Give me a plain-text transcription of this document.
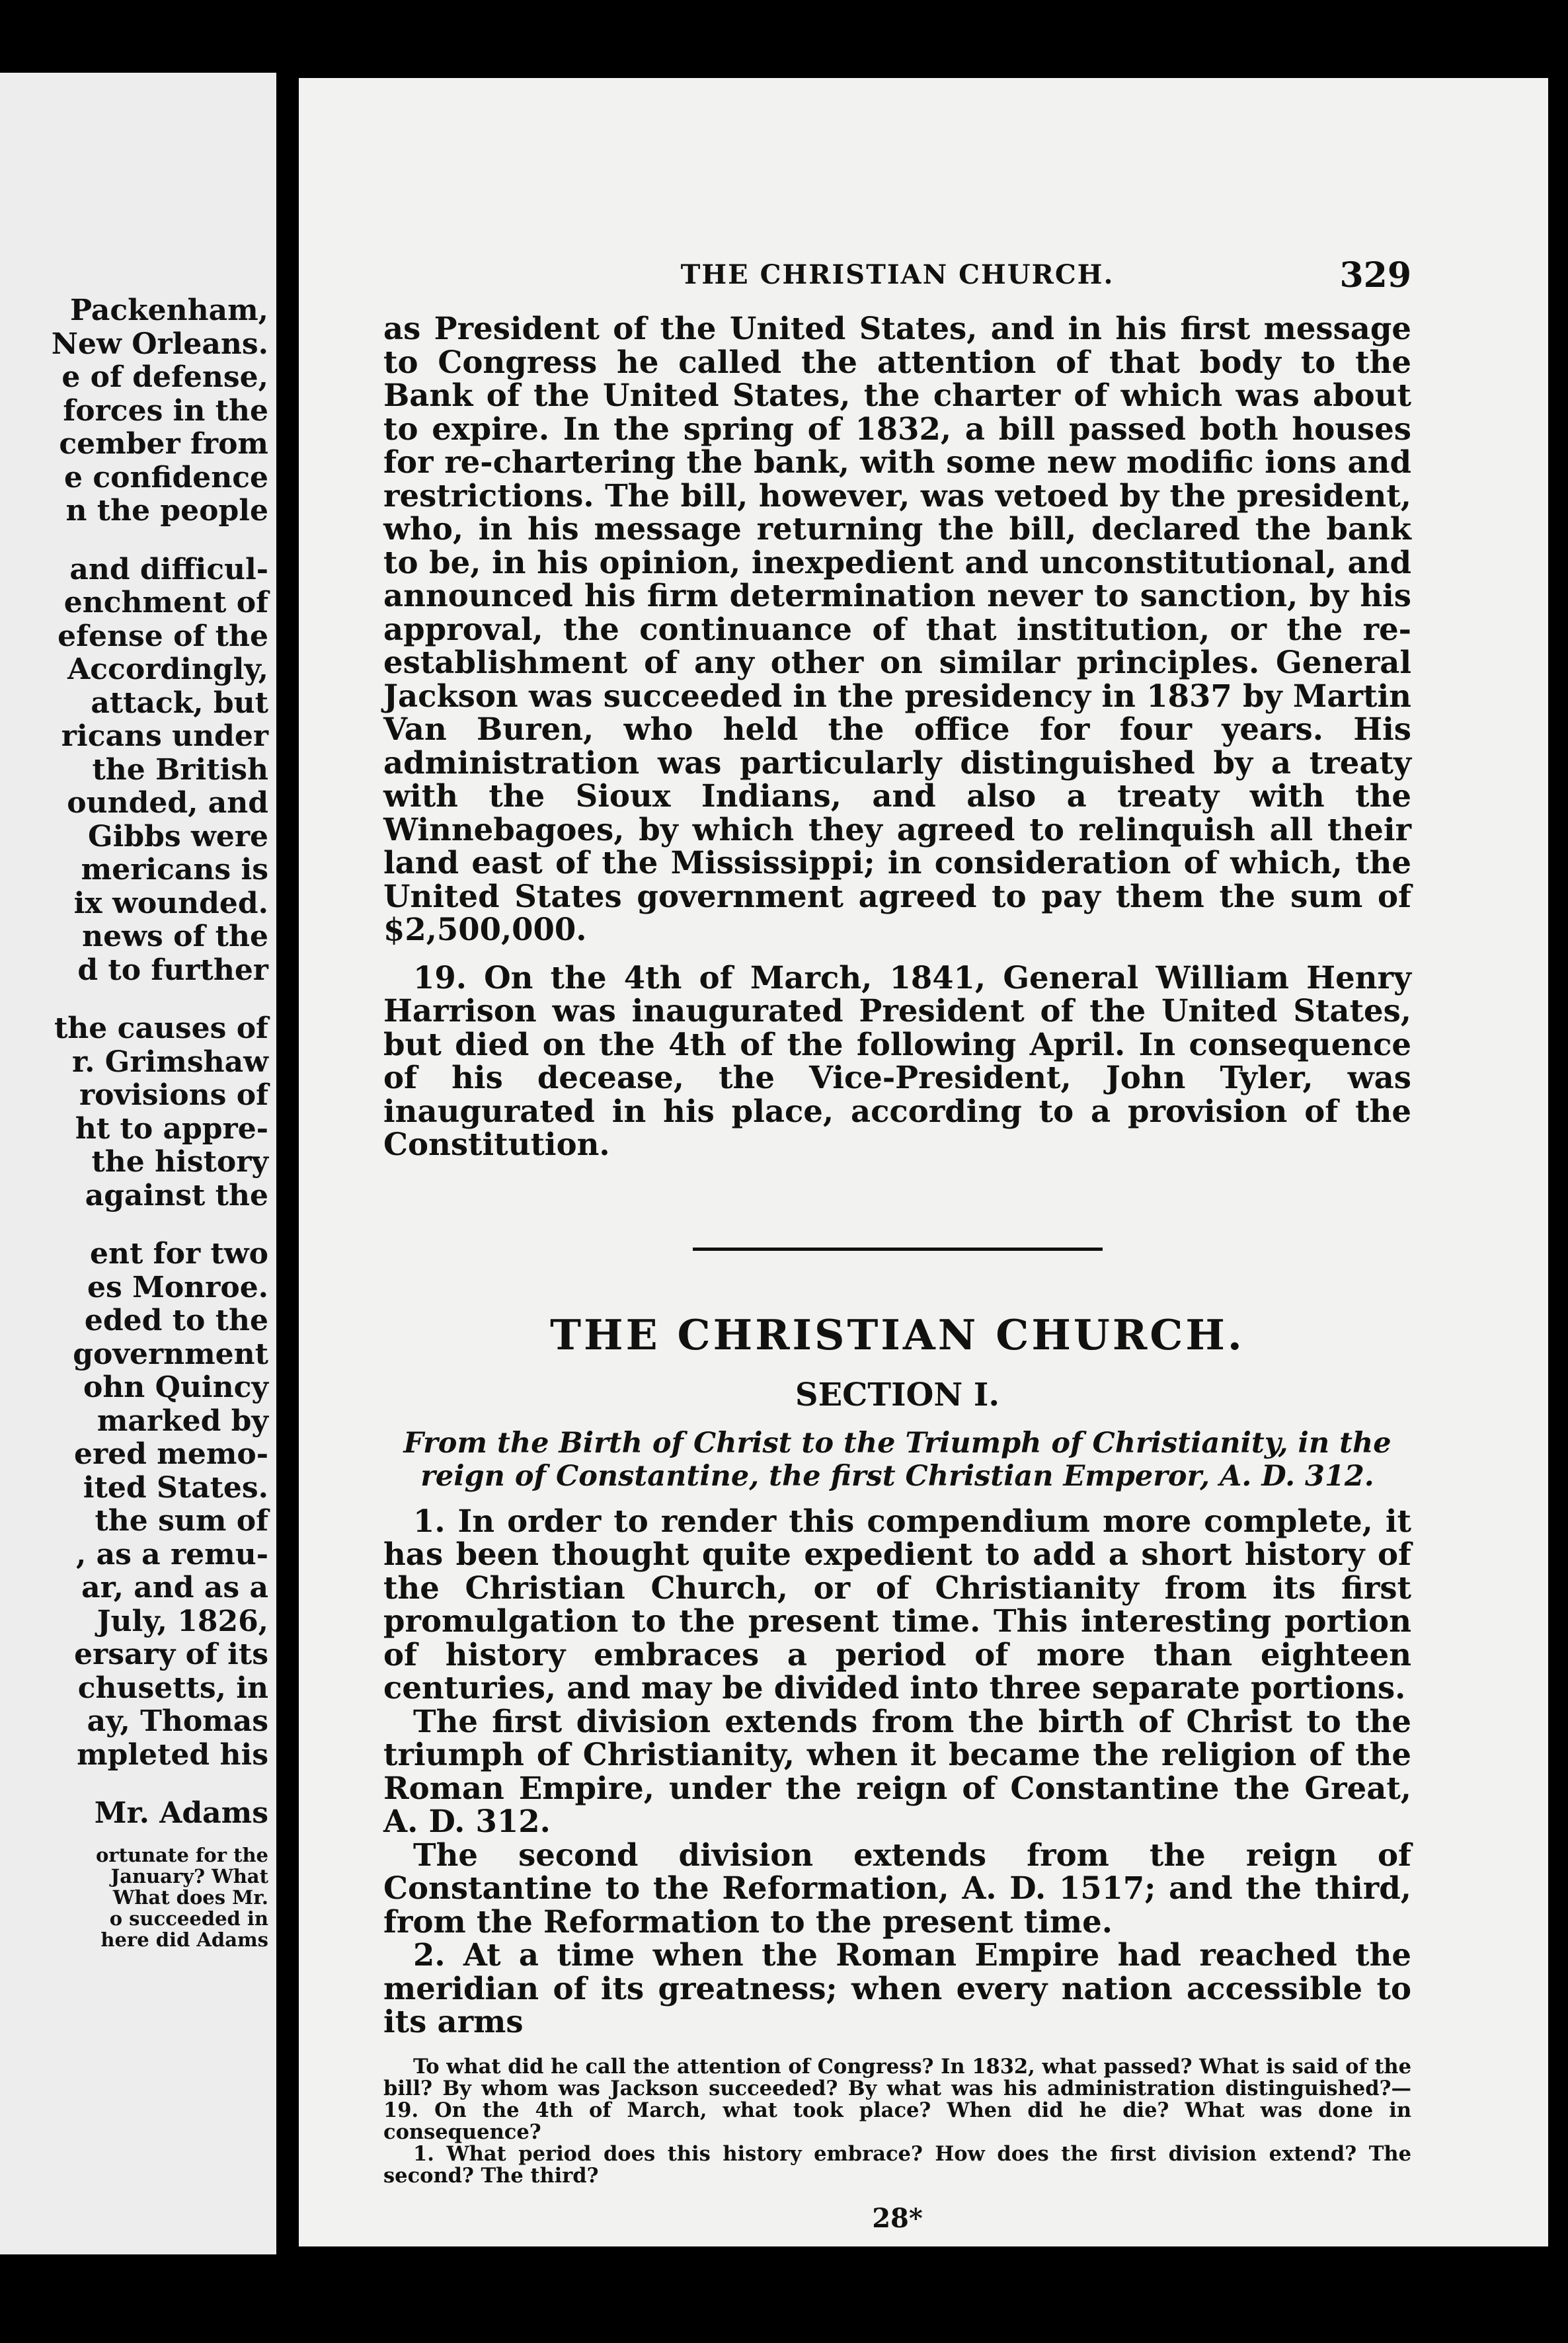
Packenham,
New Orleans.
e of defense,
forces in the
cember from
e confidence
n the people
and difficul-
enchment of
efense of the
Accordingly,
attack, but
ricans under
the British
ounded, and
Gibbs were
mericans is
ix wounded.
news of the
d to further
the causes of
r. Grimshaw
rovisions of
ht to appre-
the history
against the
ent for two
es Monroe.
eded to the
government
ohn Quincy
marked by
ered memo-
ited States.
the sum of
, as a remu-
ar, and as a
July, 1826,
ersary of its
chusetts, in
ay, Thomas
mpleted his
Mr. Adams
ortunate for the
January? What
What does Mr.
o succeeded in
here did Adams
THE CHRISTIAN CHURCH.	329

as President of the United States, and in his first message to Congress he called the attention of that body to the Bank of the United States, the charter of which was about to expire. In the spring of 1832, a bill passed both houses for re-chartering the bank, with some new modific ions and restrictions. The bill, however, was vetoed by the president, who, in his message returning the bill, declared the bank to be, in his opinion, inexpedient and unconstitutional, and announced his firm determination never to sanction, by his approval, the continuance of that institution, or the re-establishment of any other on similar principles. General Jackson was succeeded in the presidency in 1837 by Martin Van Buren, who held the office for four years. His administration was particularly distinguished by a treaty with the Sioux Indians, and also a treaty with the Winnebagoes, by which they agreed to relinquish all their land east of the Mississippi; in consideration of which, the United States government agreed to pay them the sum of $2,500,000.

19. On the 4th of March, 1841, General William Henry Harrison was inaugurated President of the United States, but died on the 4th of the following April. In consequence of his decease, the Vice-President, John Tyler, was inaugurated in his place, according to a provision of the Constitution.

THE CHRISTIAN CHURCH.
SECTION I.
From the Birth of Christ to the Triumph of Christianity, in the reign of Constantine, the first Christian Emperor, A. D. 312.

1. In order to render this compendium more complete, it has been thought quite expedient to add a short history of the Christian Church, or of Christianity from its first promulgation to the present time. This interesting portion of history embraces a period of more than eighteen centuries, and may be divided into three separate portions.

The first division extends from the birth of Christ to the triumph of Christianity, when it became the religion of the Roman Empire, under the reign of Constantine the Great, A. D. 312.

The second division extends from the reign of Constantine to the Reformation, A. D. 1517; and the third, from the Reformation to the present time.

2. At a time when the Roman Empire had reached the meridian of its greatness; when every nation accessible to its arms

To what did he call the attention of Congress? In 1832, what passed? What is said of the bill? By whom was Jackson succeeded? By what was his administration distinguished?—19. On the 4th of March, what took place? When did he die? What was done in consequence?

1. What period does this history embrace? How does the first division extend? The second? The third?

28*
